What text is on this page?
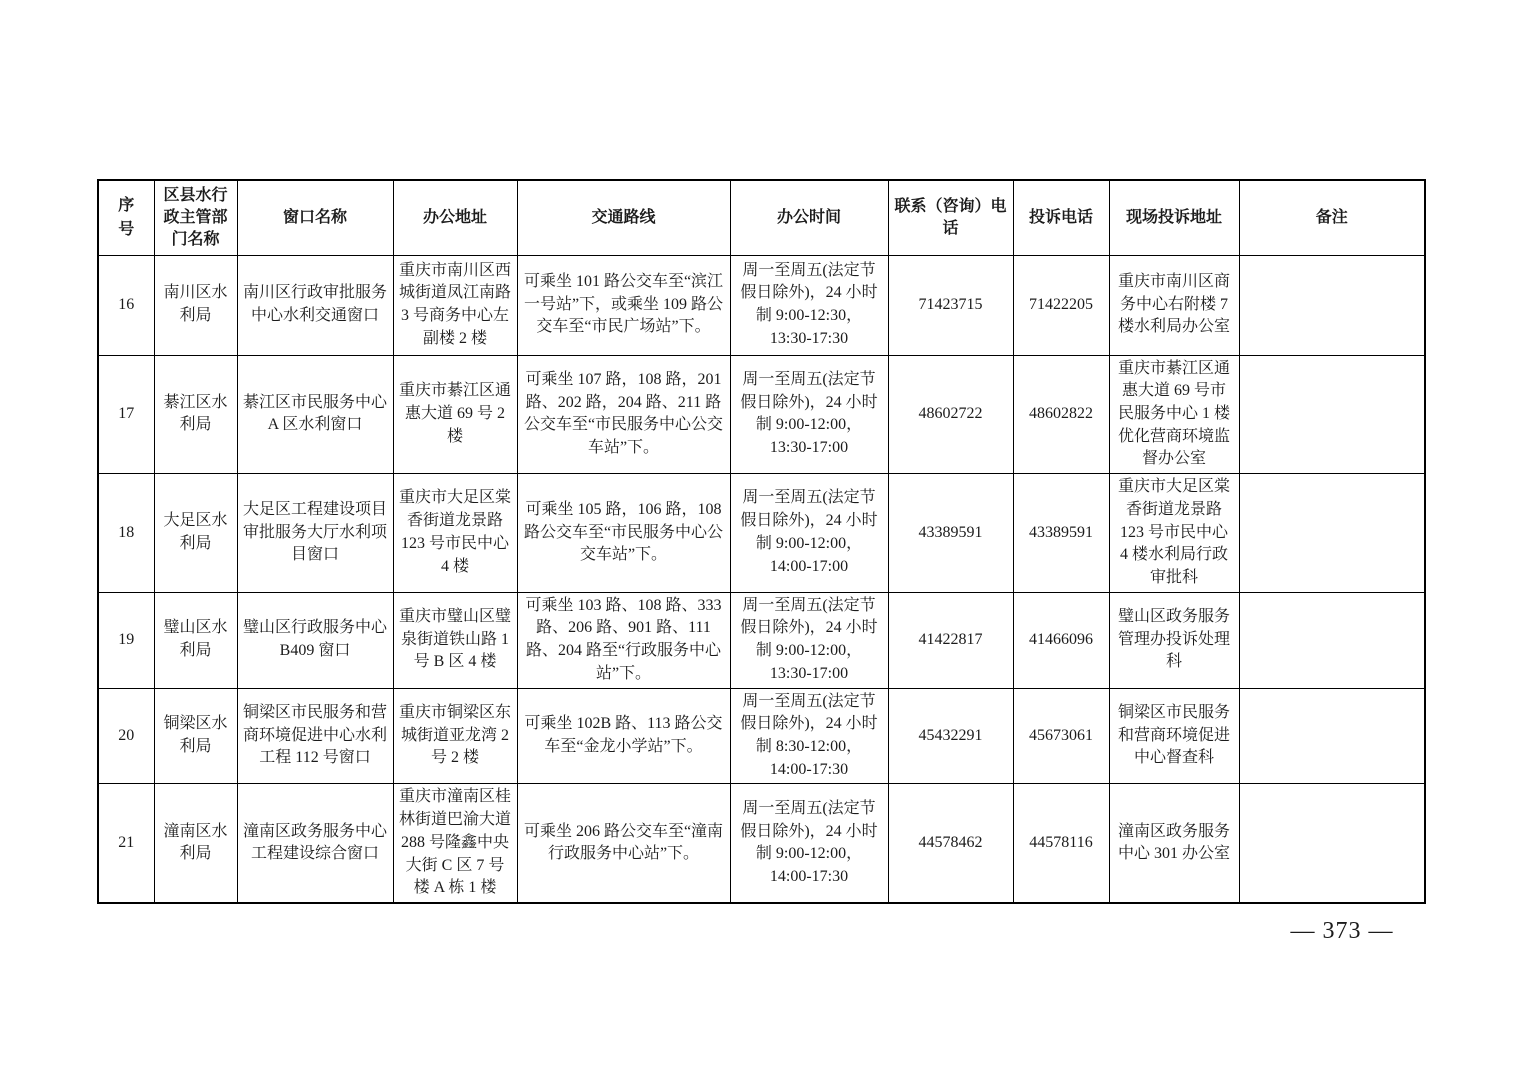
序号	区县水行政主管部门名称	窗口名称	办公地址	交通路线	办公时间	联系（咨询）电话	投诉电话	现场投诉地址	备注
16	南川区水利局	南川区行政审批服务中心水利交通窗口	重庆市南川区西城街道凤江南路 3 号商务中心左副楼 2 楼	可乘坐 101 路公交车至“滨江一号站”下，或乘坐 109 路公交车至“市民广场站”下。	周一至周五(法定节假日除外)，24 小时制 9:00-12:30，13:30-17:30	71423715	71422205	重庆市南川区商务中心右附楼 7 楼水利局办公室	
17	綦江区水利局	綦江区市民服务中心 A 区水利窗口	重庆市綦江区通惠大道 69 号 2 楼	可乘坐 107 路，108 路，201 路、202 路，204 路、211 路公交车至“市民服务中心公交车站”下。	周一至周五(法定节假日除外)，24 小时制 9:00-12:00，13:30-17:00	48602722	48602822	重庆市綦江区通惠大道 69 号市民服务中心 1 楼优化营商环境监督办公室	
18	大足区水利局	大足区工程建设项目审批服务大厅水利项目窗口	重庆市大足区棠香街道龙景路 123 号市民中心 4 楼	可乘坐 105 路，106 路，108 路公交车至“市民服务中心公交车站”下。	周一至周五(法定节假日除外)，24 小时制 9:00-12:00，14:00-17:00	43389591	43389591	重庆市大足区棠香街道龙景路 123 号市民中心 4 楼水利局行政审批科	
19	璧山区水利局	璧山区行政服务中心 B409 窗口	重庆市璧山区璧泉街道铁山路 1 号 B 区 4 楼	可乘坐 103 路、108 路、333 路、206 路、901 路、111 路、204 路至“行政服务中心站”下。	周一至周五(法定节假日除外)，24 小时制 9:00-12:00，13:30-17:00	41422817	41466096	璧山区政务服务管理办投诉处理科	
20	铜梁区水利局	铜梁区市民服务和营商环境促进中心水利工程 112 号窗口	重庆市铜梁区东城街道亚龙湾 2 号 2 楼	可乘坐 102B 路、113 路公交车至“金龙小学站”下。	周一至周五(法定节假日除外)，24 小时制 8:30-12:00，14:00-17:30	45432291	45673061	铜梁区市民服务和营商环境促进中心督查科	
21	潼南区水利局	潼南区政务服务中心工程建设综合窗口	重庆市潼南区桂林街道巴渝大道 288 号隆鑫中央大街 C 区 7 号楼 A 栋 1 楼	可乘坐 206 路公交车至“潼南行政服务中心站”下。	周一至周五(法定节假日除外)，24 小时制 9:00-12:00，14:00-17:30	44578462	44578116	潼南区政务服务中心 301 办公室	
— 373 —
